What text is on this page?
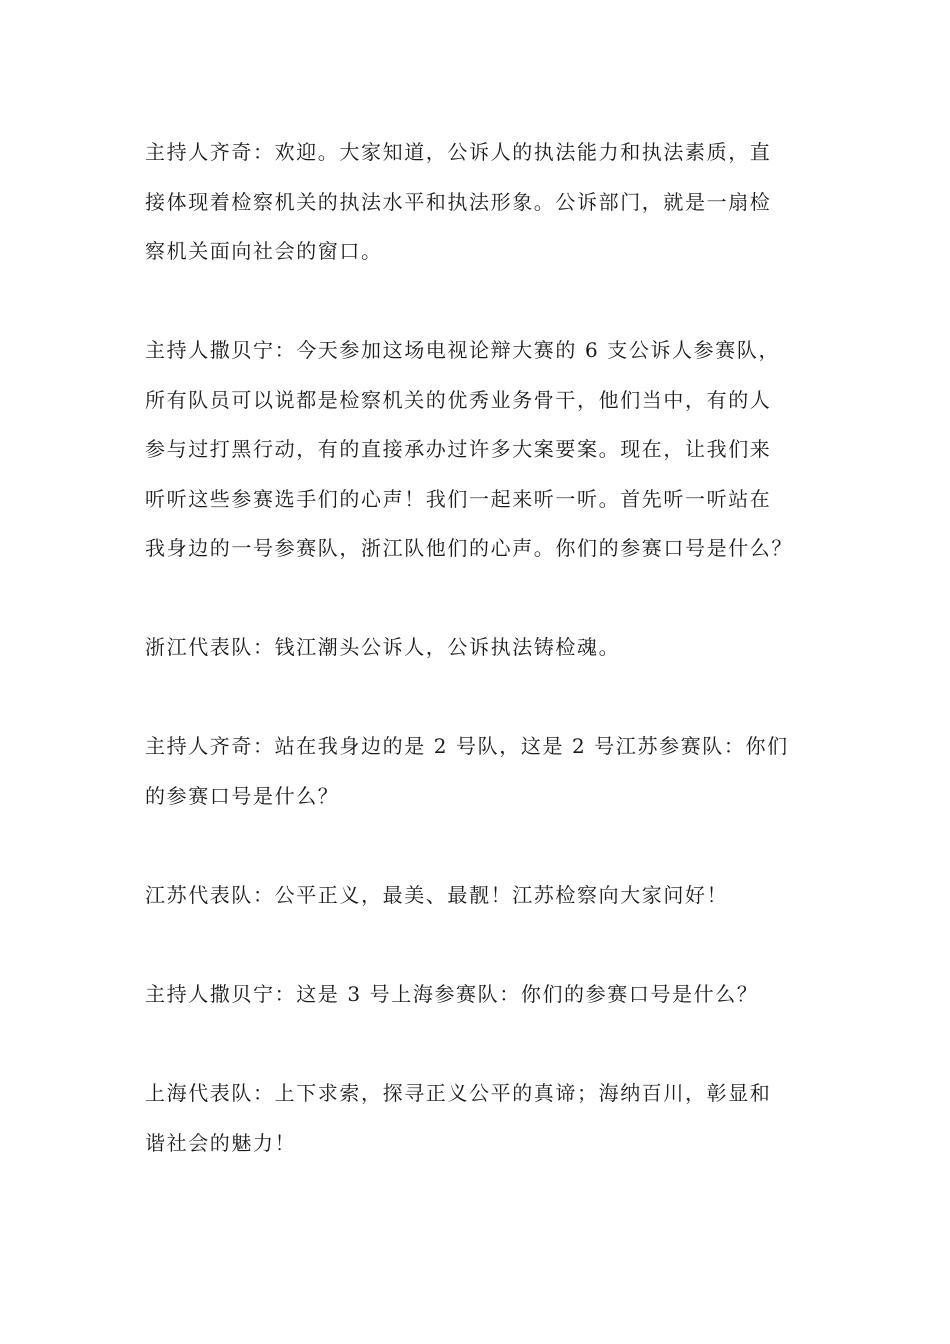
主持人齐奇：欢迎。大家知道，公诉人的执法能力和执法素质，直
接体现着检察机关的执法水平和执法形象。公诉部门，就是一扇检
察机关面向社会的窗口。
主持人撒贝宁：今天参加这场电视论辩大赛的 6 支公诉人参赛队，
所有队员可以说都是检察机关的优秀业务骨干，他们当中，有的人
参与过打黑行动，有的直接承办过许多大案要案。现在，让我们来
听听这些参赛选手们的心声！我们一起来听一听。首先听一听站在
我身边的一号参赛队，浙江队他们的心声。你们的参赛口号是什么？
浙江代表队：钱江潮头公诉人，公诉执法铸检魂。
主持人齐奇：站在我身边的是 2 号队，这是 2 号江苏参赛队：你们
的参赛口号是什么？
江苏代表队：公平正义，最美、最靓！江苏检察向大家问好！
主持人撒贝宁：这是 3 号上海参赛队：你们的参赛口号是什么？
上海代表队：上下求索，探寻正义公平的真谛；海纳百川，彰显和
谐社会的魅力！
